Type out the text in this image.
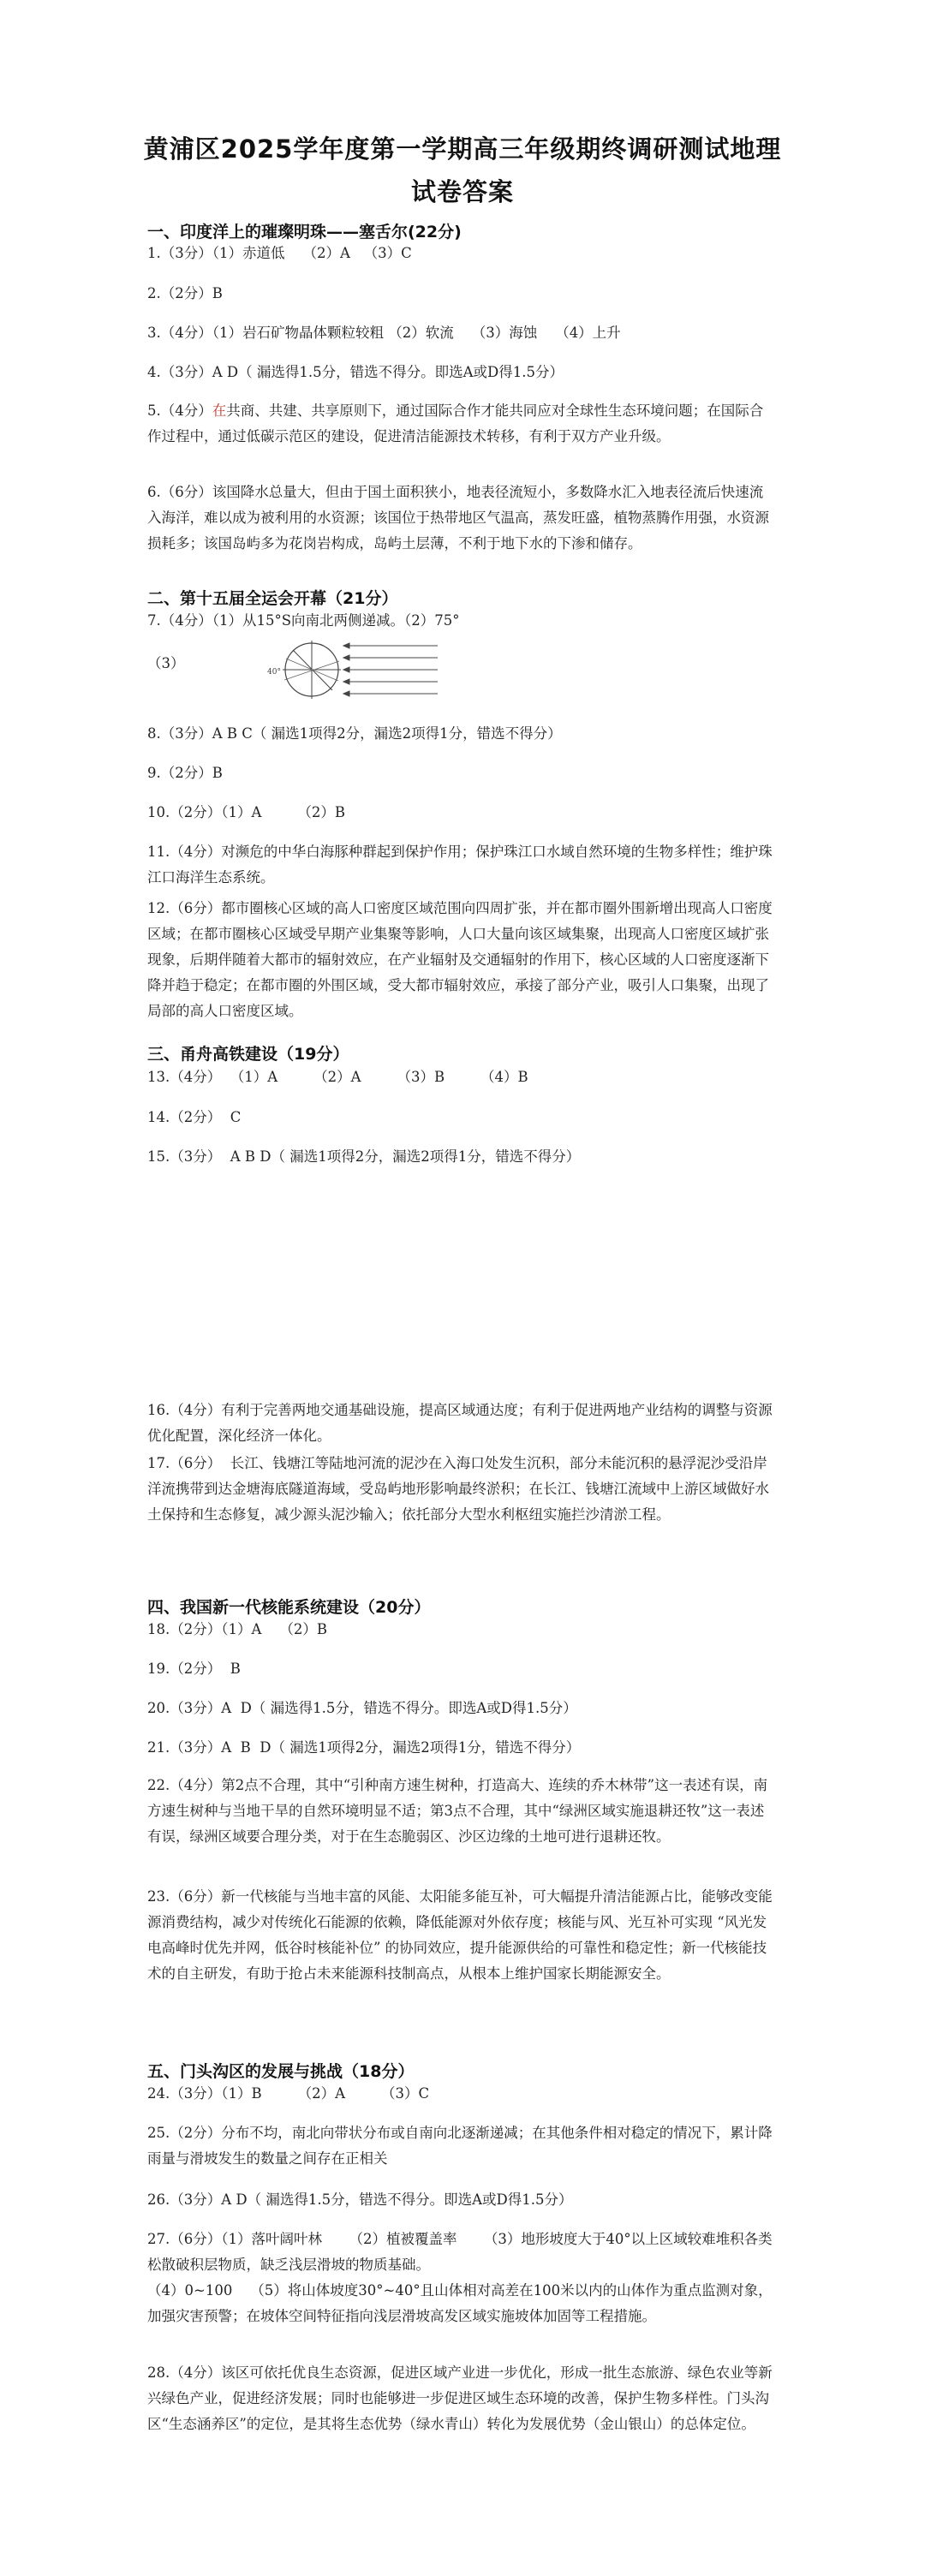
黄浦区2025学年度第一学期高三年级期终调研测试地理
试卷答案
一、印度洋上的璀璨明珠——塞舌尔(22分)
1.（3分）（1）赤道低    （2）A   （3）C
2.（2分）B
3.（4分）（1）岩石矿物晶体颗粒较粗 （2）软流    （3）海蚀    （4）上升
4.（3分）A D（ 漏选得1.5分，错选不得分。即选A或D得1.5分）
5.（4分）在共商、共建、共享原则下，通过国际合作才能共同应对全球性生态环境问题；在国际合作过程中，通过低碳示范区的建设，促进清洁能源技术转移，有利于双方产业升级。
6.（6分）该国降水总量大，但由于国土面积狭小，地表径流短小，多数降水汇入地表径流后快速流入海洋，难以成为被利用的水资源；该国位于热带地区气温高，蒸发旺盛，植物蒸腾作用强，水资源损耗多；该国岛屿多为花岗岩构成，岛屿土层薄，不利于地下水的下渗和储存。
二、第十五届全运会开幕（21分）
7.（4分）（1）从15°S向南北两侧递减。（2）75°
（3）
40°
8.（3分）A B C（ 漏选1项得2分，漏选2项得1分，错选不得分）
9.（2分）B
10.（2分）（1）A        （2）B
11.（4分）对濒危的中华白海豚种群起到保护作用；保护珠江口水域自然环境的生物多样性；维护珠江口海洋生态系统。
12.（6分）都市圈核心区域的高人口密度区域范围向四周扩张，并在都市圈外围新增出现高人口密度区域；在都市圈核心区域受早期产业集聚等影响，人口大量向该区域集聚，出现高人口密度区域扩张现象，后期伴随着大都市的辐射效应，在产业辐射及交通辐射的作用下，核心区域的人口密度逐渐下降并趋于稳定；在都市圈的外围区域，受大都市辐射效应，承接了部分产业，吸引人口集聚，出现了局部的高人口密度区域。
三、甬舟高铁建设（19分）
13.（4分）  （1）A        （2）A        （3）B        （4）B
14.（2分）  C
15.（3分）  A B D（ 漏选1项得2分，漏选2项得1分，错选不得分）
16.（4分）有利于完善两地交通基础设施，提高区域通达度；有利于促进两地产业结构的调整与资源优化配置，深化经济一体化。
17.（6分）  长江、钱塘江等陆地河流的泥沙在入海口处发生沉积，部分未能沉积的悬浮泥沙受沿岸洋流携带到达金塘海底隧道海域，受岛屿地形影响最终淤积；在长江、钱塘江流域中上游区域做好水土保持和生态修复，减少源头泥沙输入；依托部分大型水利枢纽实施拦沙清淤工程。
四、我国新一代核能系统建设（20分）
18.（2分）（1）A    （2）B
19.（2分）  B
20.（3分）A  D（ 漏选得1.5分，错选不得分。即选A或D得1.5分）
21.（3分）A  B  D（ 漏选1项得2分，漏选2项得1分，错选不得分）
22.（4分）第2点不合理，其中“引种南方速生树种，打造高大、连续的乔木林带”这一表述有误，南方速生树种与当地干旱的自然环境明显不适；第3点不合理，其中“绿洲区域实施退耕还牧”这一表述有误，绿洲区域要合理分类，对于在生态脆弱区、沙区边缘的土地可进行退耕还牧。
23.（6分）新一代核能与当地丰富的风能、太阳能多能互补，可大幅提升清洁能源占比，能够改变能源消费结构，减少对传统化石能源的依赖，降低能源对外依存度；核能与风、光互补可实现 “风光发电高峰时优先并网，低谷时核能补位” 的协同效应，提升能源供给的可靠性和稳定性；新一代核能技术的自主研发，有助于抢占未来能源科技制高点，从根本上维护国家长期能源安全。
五、门头沟区的发展与挑战（18分）
24.（3分）（1）B        （2）A        （3）C
25.（2分）分布不均，南北向带状分布或自南向北逐渐递减；在其他条件相对稳定的情况下，累计降雨量与滑坡发生的数量之间存在正相关
26.（3分）A D（ 漏选得1.5分，错选不得分。即选A或D得1.5分）
27.（6分）（1）落叶阔叶林      （2）植被覆盖率      （3）地形坡度大于40°以上区域较难堆积各类松散破积层物质，缺乏浅层滑坡的物质基础。
（4）0~100    （5）将山体坡度30°~40°且山体相对高差在100米以内的山体作为重点监测对象，加强灾害预警；在坡体空间特征指向浅层滑坡高发区域实施坡体加固等工程措施。
28.（4分）该区可依托优良生态资源，促进区域产业进一步优化，形成一批生态旅游、绿色农业等新兴绿色产业，促进经济发展；同时也能够进一步促进区域生态环境的改善，保护生物多样性。门头沟区“生态涵养区”的定位，是其将生态优势（绿水青山）转化为发展优势（金山银山）的总体定位。
